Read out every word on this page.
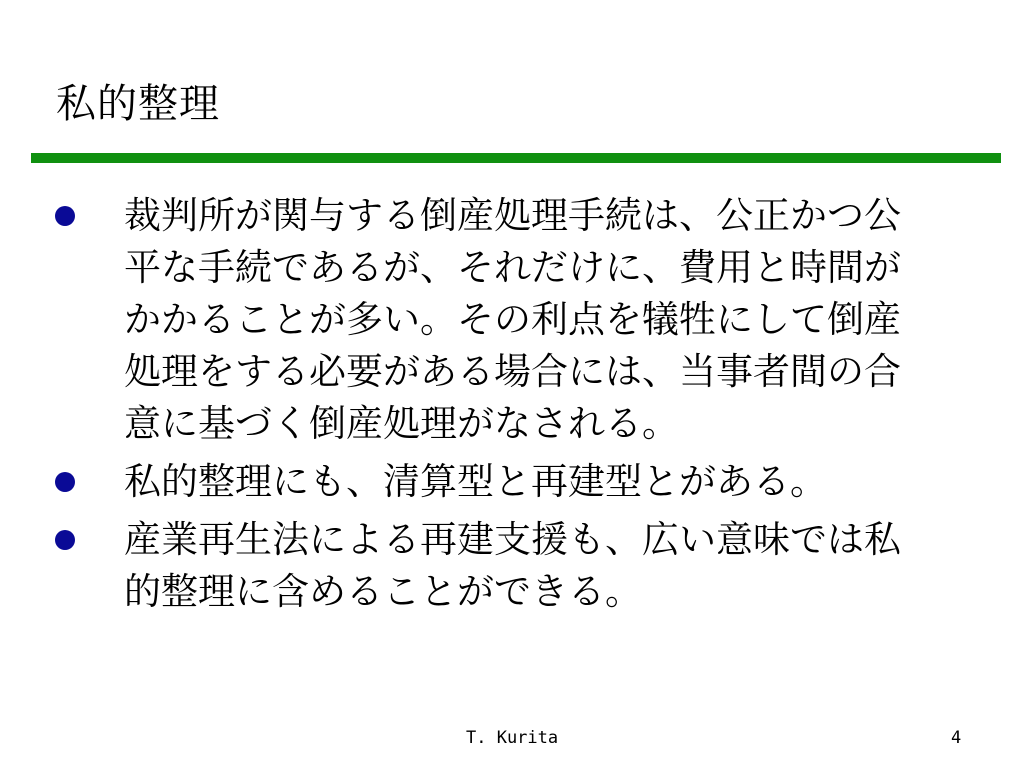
私的整理
裁判所が関与する倒産処理手続は、公正かつ公
平な手続であるが、それだけに、費用と時間が
かかることが多い。その利点を犠牲にして倒産
処理をする必要がある場合には、当事者間の合
意に基づく倒産処理がなされる。
私的整理にも、清算型と再建型とがある。
産業再生法による再建支援も、広い意味では私
的整理に含めることができる。
T. Kurita	4
